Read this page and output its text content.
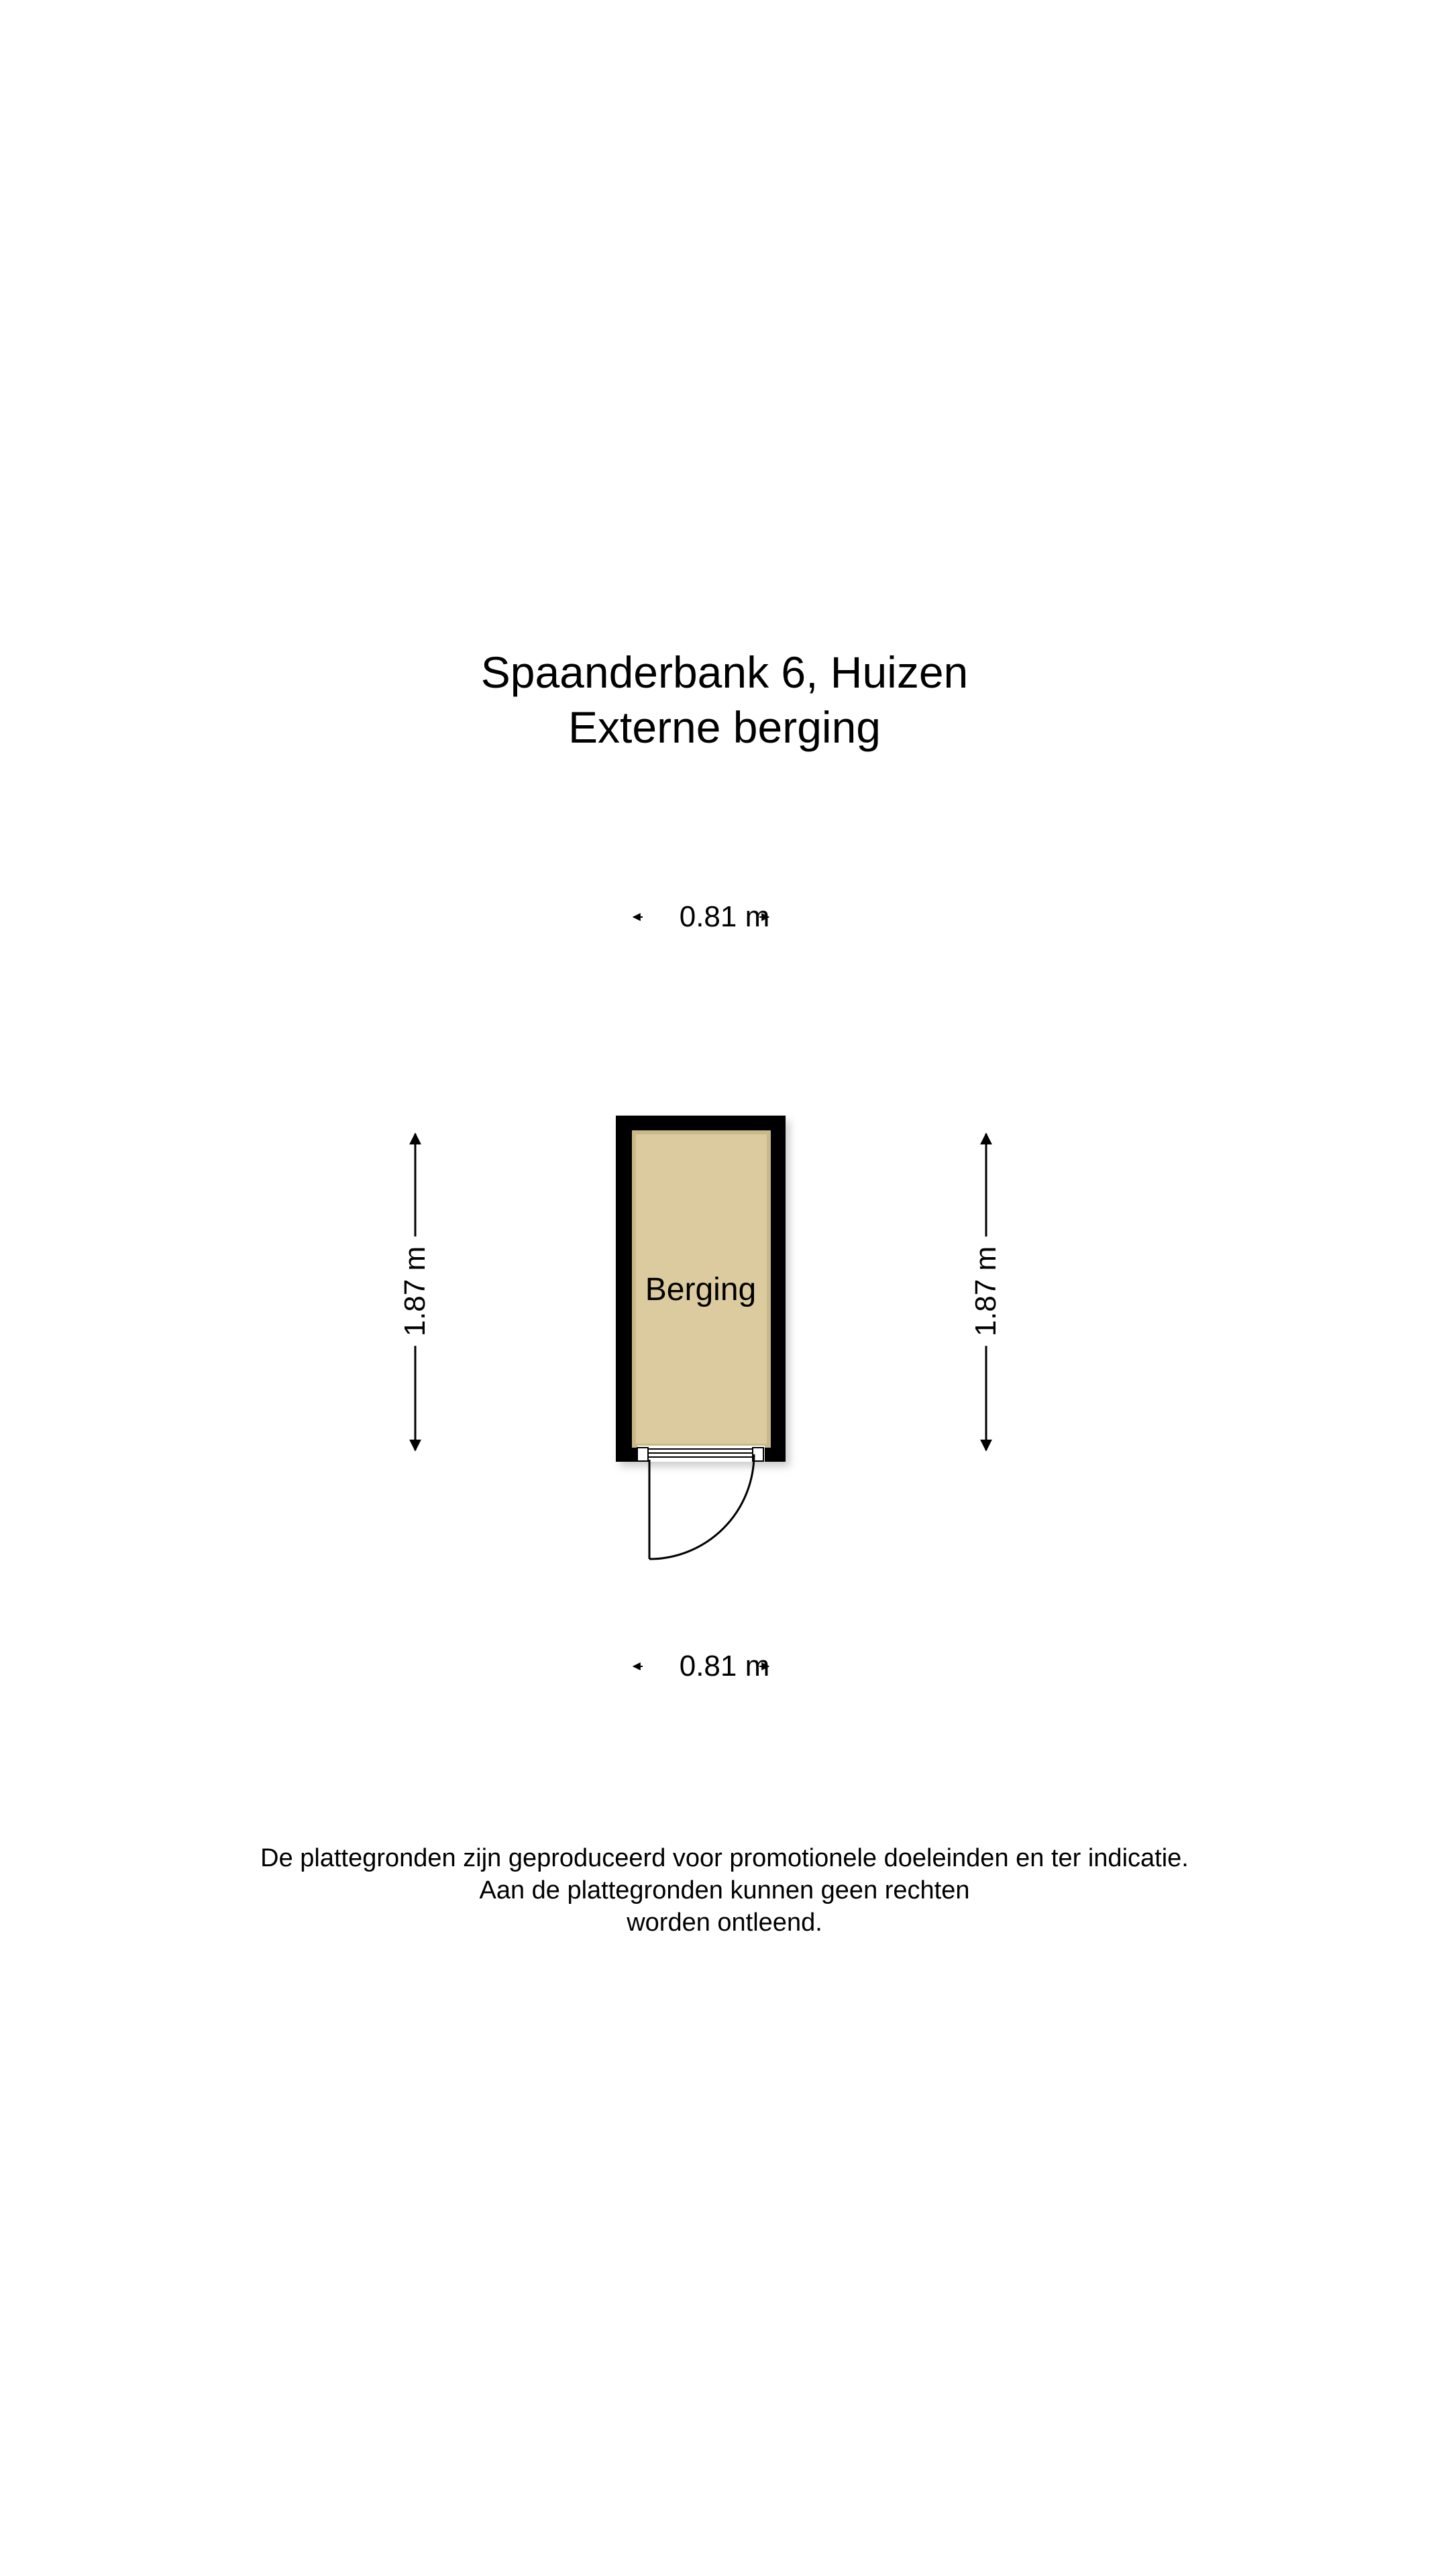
Spaanderbank 6, Huizen
Externe berging
0.81 m
0.81 m
1.87 m	1.87 m
Berging
De plattegronden zijn geproduceerd voor promotionele doeleinden en ter indicatie.
Aan de plattegronden kunnen geen rechten
worden ontleend.
